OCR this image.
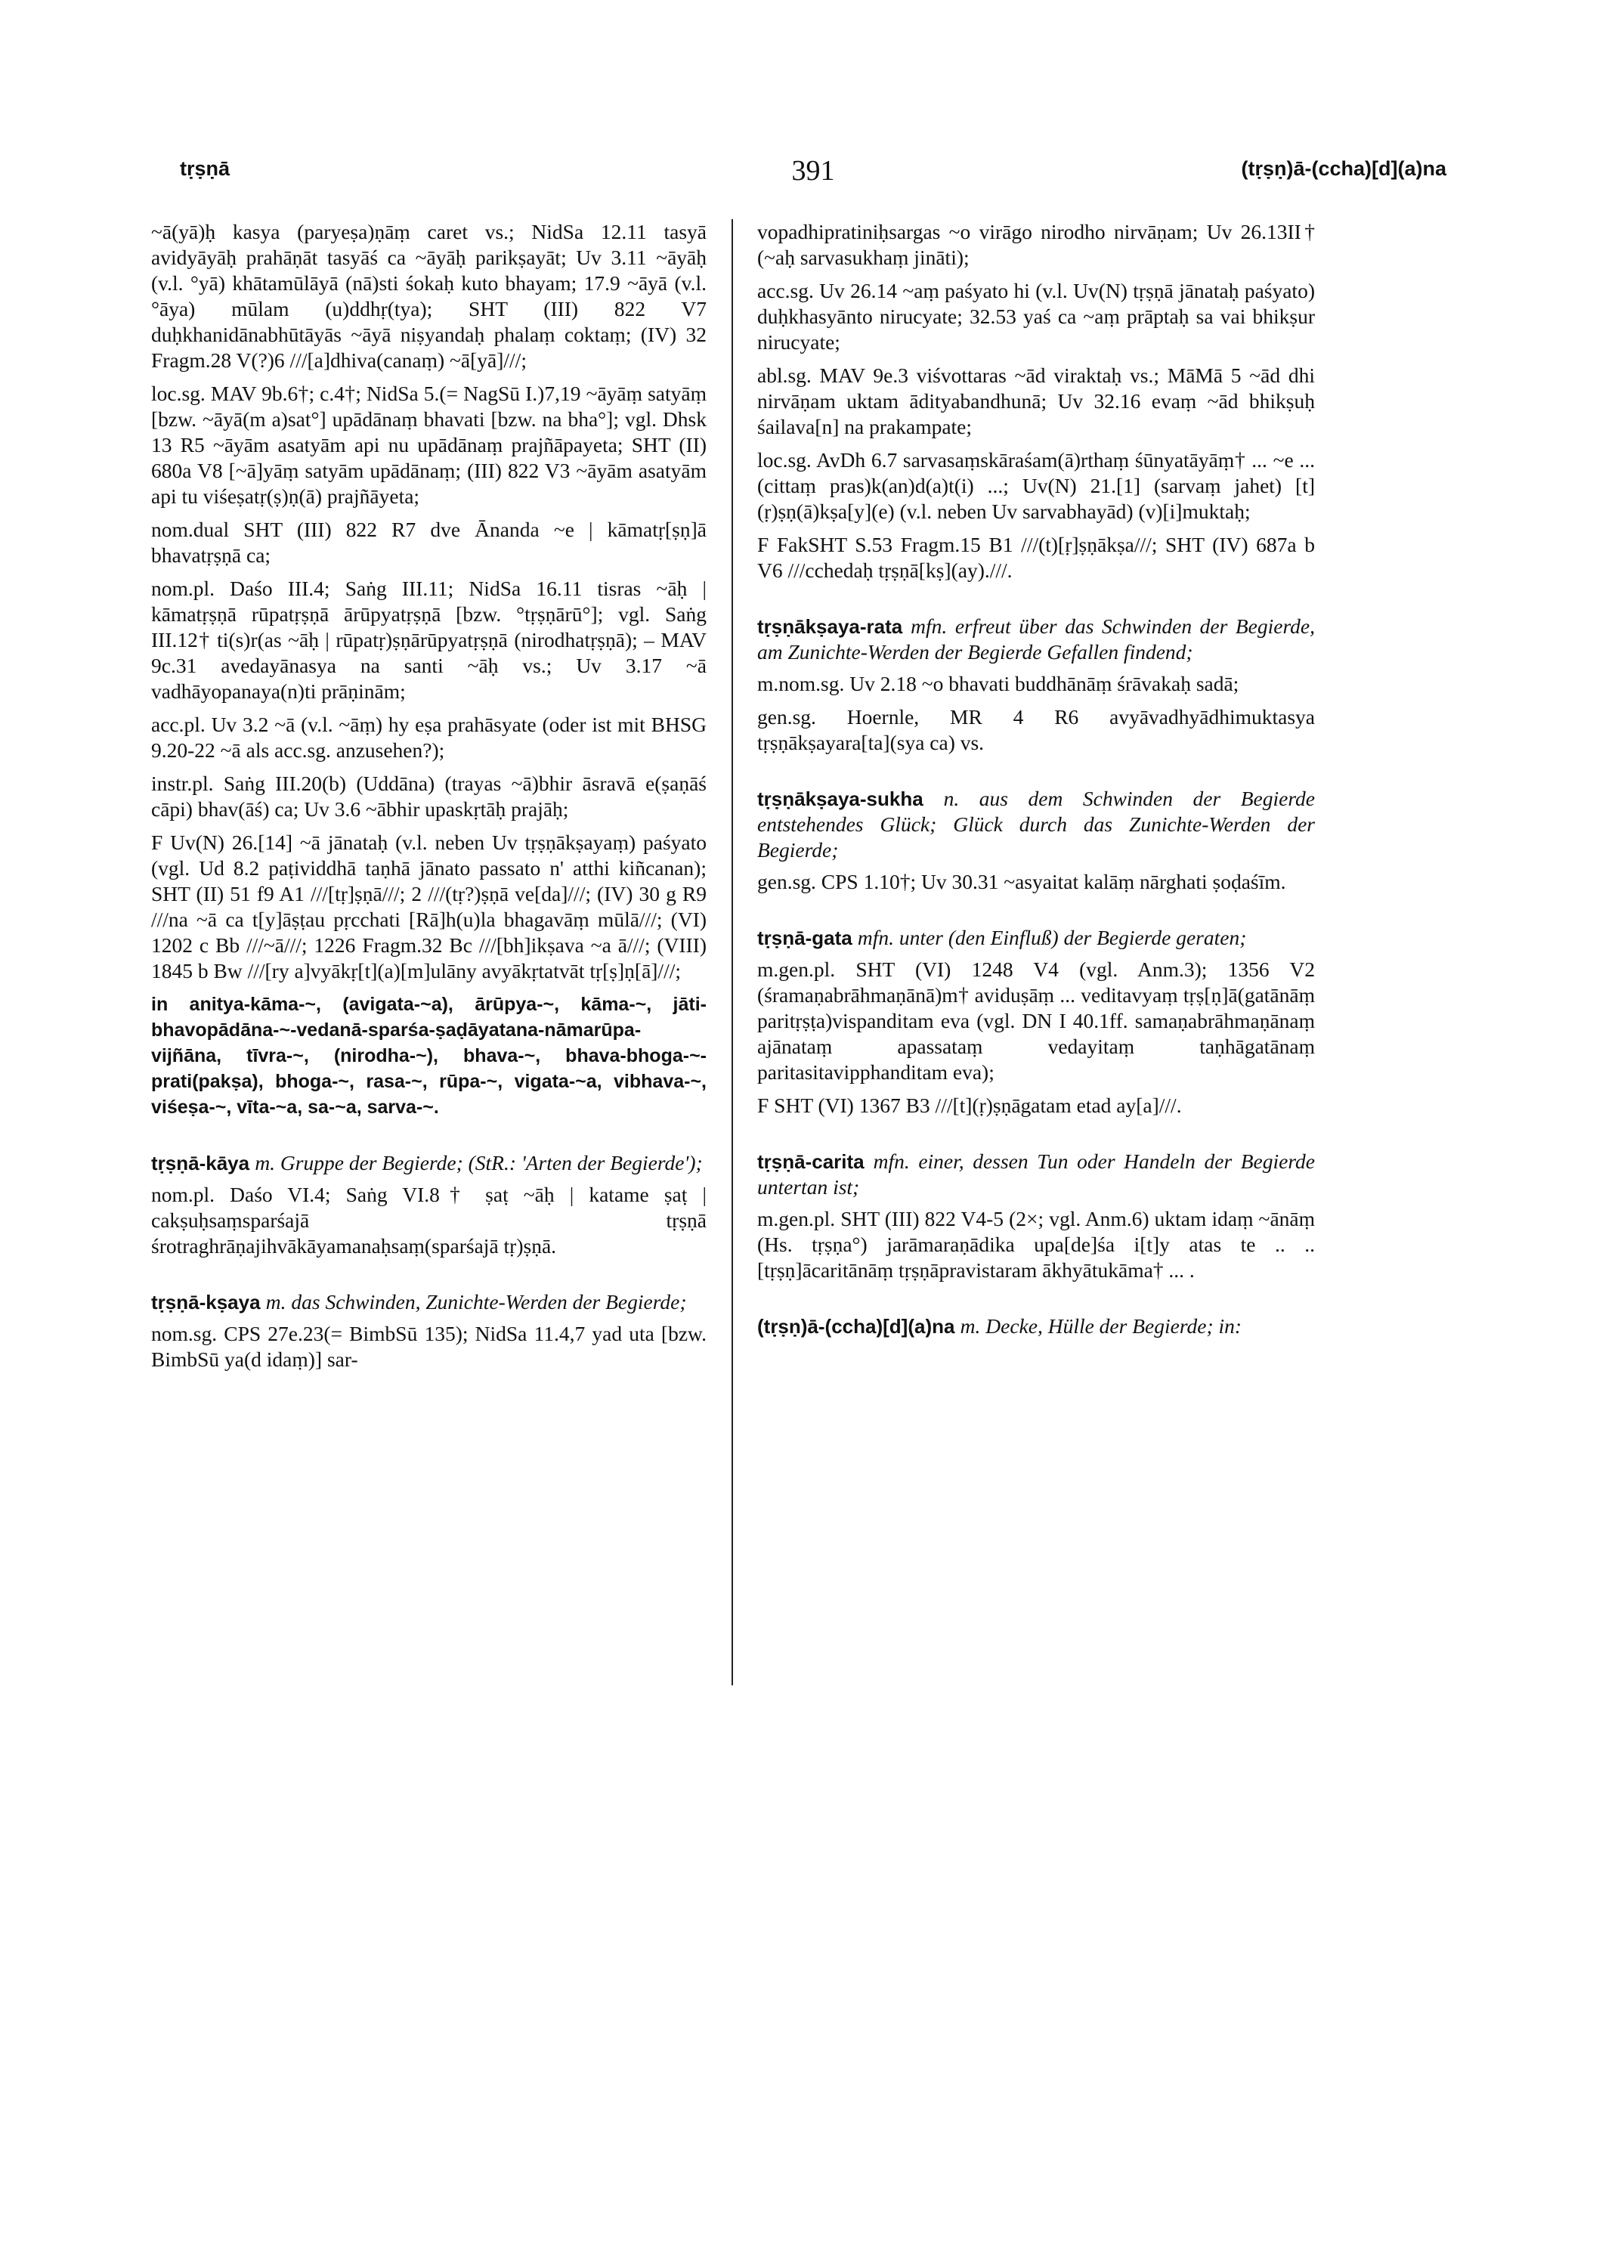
tṛṣṇā	391	(tṛṣṇ)ā-(ccha)[d](a)na
~ā(yā)ḥ kasya (paryeṣa)ṇāṃ caret vs.; NidSa 12.11 tasyā avidyāyāḥ prahāṇāt tasyāś ca ~āyāḥ parikṣayāt; Uv 3.11 ~āyāḥ (v.l. °yā) khātamūlāyā (nā)sti śokaḥ kuto bhayam; 17.9 ~āyā (v.l. °āya) mūlam (u)ddhṛ(tya); SHT (III) 822 V7 duḥkhanidānabhūtāyās ~āyā niṣyandaḥ phalaṃ coktaṃ; (IV) 32 Fragm.28 V(?)6 ///[a]dhiva(canaṃ) ~ā[yā]///;
loc.sg. MAV 9b.6†; c.4†; NidSa 5.(= NagSū I.)7,19 ~āyāṃ satyāṃ [bzw. ~āyā(m a)sat°] upādānaṃ bhavati [bzw. na bha°]; vgl. Dhsk 13 R5 ~āyām asatyām api nu upādānaṃ prajñāpayeta; SHT (II) 680a V8 [~ā]yāṃ satyām upādānaṃ; (III) 822 V3 ~āyām asatyām api tu viśeṣatṛ(ṣ)ṇ(ā) prajñāyeta;
nom.dual SHT (III) 822 R7 dve Ānanda ~e | kāmatṛ[ṣṇ]ā bhavatṛṣṇā ca;
nom.pl. Daśo III.4; Saṅg III.11; NidSa 16.11 tisras ~āḥ | kāmatṛṣṇā rūpatṛṣṇā ārūpyatṛṣṇā [bzw. °tṛṣṇārū°]; vgl. Saṅg III.12† ti(s)r(as ~āḥ | rūpatṛ)ṣṇārūpyatṛṣṇā (nirodhatṛṣṇā); – MAV 9c.31 avedayānasya na santi ~āḥ vs.; Uv 3.17 ~ā vadhāyopanaya(n)ti prāṇinām;
acc.pl. Uv 3.2 ~ā (v.l. ~āṃ) hy eṣa prahāsyate (oder ist mit BHSG 9.20-22 ~ā als acc.sg. anzusehen?);
instr.pl. Saṅg III.20(b) (Uddāna) (trayas ~ā)bhir āsravā e(ṣaṇāś cāpi) bhav(āś) ca; Uv 3.6 ~ābhir upaskṛtāḥ prajāḥ;
F Uv(N) 26.[14] ~ā jānataḥ (v.l. neben Uv tṛṣṇākṣayaṃ) paśyato (vgl. Ud 8.2 paṭividdhā taṇhā jānato passato n' atthi kiñcanan); SHT (II) 51 f9 A1 ///[tṛ]ṣṇā///; 2 ///(tṛ?)ṣṇā ve[da]///; (IV) 30 g R9 ///na ~ā ca t[y]āṣṭau pṛcchati [Rā]h(u)la bhagavāṃ mūlā///; (VI) 1202 c Bb ///~ā///; 1226 Fragm.32 Bc ///[bh]ikṣava ~a ā///; (VIII) 1845 b Bw ///[ry a]vyākṛ[t](a)[m]ulāny avyākṛtatvāt tṛ[ṣ]ṇ[ā]///;
in anitya-kāma-~, (avigata-~a), ārūpya-~, kāma-~, jāti-bhavopādāna-~-vedanā-sparśa-ṣaḍāyatana-nāmarūpa-vijñāna, tīvra-~, (nirodha-~), bhava-~, bhava-bhoga-~-prati(pakṣa), bhoga-~, rasa-~, rūpa-~, vigata-~a, vibhava-~, viśeṣa-~, vīta-~a, sa-~a, sarva-~.
tṛṣṇā-kāya m. Gruppe der Begierde; (StR.: 'Arten der Begierde');
nom.pl. Daśo VI.4; Saṅg VI.8† ṣaṭ ~āḥ | katame ṣaṭ | cakṣuḥsaṃsparśajā tṛṣṇā śrotraghrāṇajihvākāyamanaḥsaṃ(sparśajā tṛ)ṣṇā.
tṛṣṇā-kṣaya m. das Schwinden, Zunichte-Werden der Begierde;
nom.sg. CPS 27e.23(= BimbSū 135); NidSa 11.4,7 yad uta [bzw. BimbSū ya(d idaṃ)] sar-
vopadhipratiniḥsargas ~o virāgo nirodho nirvāṇam; Uv 26.13II† (~aḥ sarvasukhaṃ jināti);
acc.sg. Uv 26.14 ~aṃ paśyato hi (v.l. Uv(N) tṛṣṇā jānataḥ paśyato) duḥkhasyānto nirucyate; 32.53 yaś ca ~aṃ prāptaḥ sa vai bhikṣur nirucyate;
abl.sg. MAV 9e.3 viśvottaras ~ād viraktaḥ vs.; MāMā 5 ~ād dhi nirvāṇam uktam ādityabandhunā; Uv 32.16 evaṃ ~ād bhikṣuḥ śailava[n] na prakampate;
loc.sg. AvDh 6.7 sarvasaṃskāraśam(ā)rthaṃ śūnyatāyāṃ† ... ~e ... (cittaṃ pras)k(an)d(a)t(i) ...; Uv(N) 21.[1] (sarvaṃ jahet) [t](ṛ)ṣṇ(ā)kṣa[y](e) (v.l. neben Uv sarvabhayād) (v)[i]muktaḥ;
F FakSHT S.53 Fragm.15 B1 ///(t)[ṛ]ṣṇākṣa///; SHT (IV) 687a b V6 ///cchedaḥ tṛṣṇā[kṣ](ay).///.
tṛṣṇākṣaya-rata mfn. erfreut über das Schwinden der Begierde, am Zunichte-Werden der Begierde Gefallen findend;
m.nom.sg. Uv 2.18 ~o bhavati buddhānāṃ śrāvakaḥ sadā;
gen.sg. Hoernle, MR 4 R6 avyāvadhyādhimuktasya tṛṣṇākṣayara[ta](sya ca) vs.
tṛṣṇākṣaya-sukha n. aus dem Schwinden der Begierde entstehendes Glück; Glück durch das Zunichte-Werden der Begierde;
gen.sg. CPS 1.10†; Uv 30.31 ~asyaitat kalāṃ nārghati ṣoḍaśīm.
tṛṣṇā-gata mfn. unter (den Einfluß) der Begierde geraten;
m.gen.pl. SHT (VI) 1248 V4 (vgl. Anm.3); 1356 V2 (śramaṇabrāhmaṇānā)m† aviduṣāṃ ... veditavyaṃ tṛṣ[ṇ]ā(gatānāṃ paritṛṣṭa)vispanditam eva (vgl. DN I 40.1ff. samaṇabrāhmaṇānaṃ ajānataṃ apassataṃ vedayitaṃ taṇhāgatānaṃ paritasitavipphanditam eva);
F SHT (VI) 1367 B3 ///[t](ṛ)ṣṇāgatam etad ay[a]///.
tṛṣṇā-carita mfn. einer, dessen Tun oder Handeln der Begierde untertan ist;
m.gen.pl. SHT (III) 822 V4-5 (2×; vgl. Anm.6) uktam idaṃ ~ānāṃ (Hs. tṛṣṇa°) jarāmaraṇādika upa[de]śa i[t]y atas te .. .. [tṛṣṇ]ācaritānāṃ tṛṣṇāpravistaram ākhyātukāma† ... .
(tṛṣṇ)ā-(ccha)[d](a)na m. Decke, Hülle der Begierde; in:
